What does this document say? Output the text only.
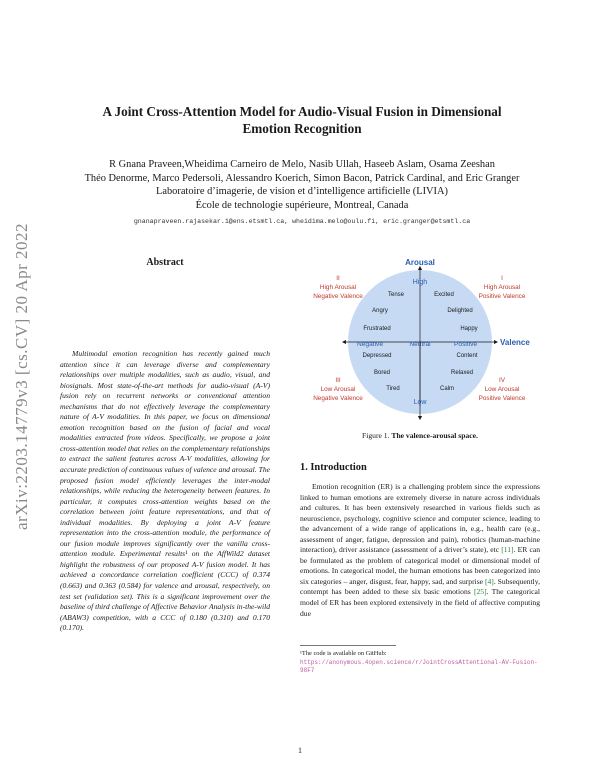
arXiv:2203.14779v3 [cs.CV] 20 Apr 2022
A Joint Cross-Attention Model for Audio-Visual Fusion in Dimensional
Emotion Recognition
R Gnana Praveen,Wheidima Carneiro de Melo, Nasib Ullah, Haseeb Aslam, Osama Zeeshan
Théo Denorme, Marco Pedersoli, Alessandro Koerich, Simon Bacon, Patrick Cardinal, and Eric Granger
Laboratoire d’imagerie, de vision et d’intelligence artificielle (LIVIA)
École de technologie supérieure, Montreal, Canada
gnanapraveen.rajasekar.1@ens.etsmtl.ca, wheidima.melo@oulu.fi, eric.granger@etsmtl.ca
Abstract

Multimodal emotion recognition has recently gained much attention since it can leverage diverse and complementary relationships over multiple modalities, such as audio, visual, and biosignals. Most state-of-the-art methods for audio-visual (A-V) fusion rely on recurrent networks or conventional attention mechanisms that do not effectively leverage the complementary nature of A-V modalities. In this paper, we focus on dimensional emotion recognition based on the fusion of facial and vocal modalities extracted from videos. Specifically, we propose a joint cross-attention model that relies on the complementary relationships to extract the salient features across A-V modalities, allowing for accurate prediction of continuous values of valence and arousal. The proposed fusion model efficiently leverages the inter-modal relationships, while reducing the heterogeneity between features. In particular, it computes cross-attention weights based on the correlation between joint feature representations, and that of individual modalities. By deploying a joint A-V feature representation into the cross-attention module, the performance of our fusion module improves significantly over the vanilla cross-attention module. Experimental results¹ on the AffWild2 dataset highlight the robustness of our proposed A-V fusion model. It has achieved a concordance correlation coefficient (CCC) of 0.374 (0.663) and 0.363 (0.584) for valence and arousal, respectively, on test set (validation set). This is a significant improvement over the baseline of third challenge of Affective Behavior Analysis in-the-wild (ABAW3) competition, with a CCC of 0.180 (0.310) and 0.170 (0.170).

Arousal
Valence
High
Low
Negative	Positive
Neutral
II
High Arousal
Negative Valence
I
High Arousal
Positive Valence
III
Low Arousal
Negative Valence
IV
Low Arousal
Positive Valence
Tense	Excited
Angry	Delighted
Frustrated	Happy
Depressed	Content
Bored	Relaxed
Tired	Calm
Figure 1. The valence-arousal space.
1. Introduction

Emotion recognition (ER) is a challenging problem since the expressions linked to human emotions are extremely diverse in nature across individuals and cultures. It has been extensively researched in various fields such as neuroscience, psychology, cognitive science and computer science, leading to the advancement of a wide range of applications in, e.g., health care (e.g., assessment of anger, fatigue, depression and pain), robotics (human-machine interaction), driver assistance (assessment of a driver’s state), etc [11]. ER can be formulated as the problem of categorical model or dimensional model of emotions. In categorical model, the human emotions has been categorized into six categories – anger, disgust, fear, happy, sad, and surprise [4]. Subsequently, contempt has been added to these six basic emotions [25]. The categorical model of ER has been explored extensively in the field of affective computing due

¹The code is available on GitHub: https://anonymous.4open.science/r/JointCrossAttentional-AV-Fusion-98F7
1
